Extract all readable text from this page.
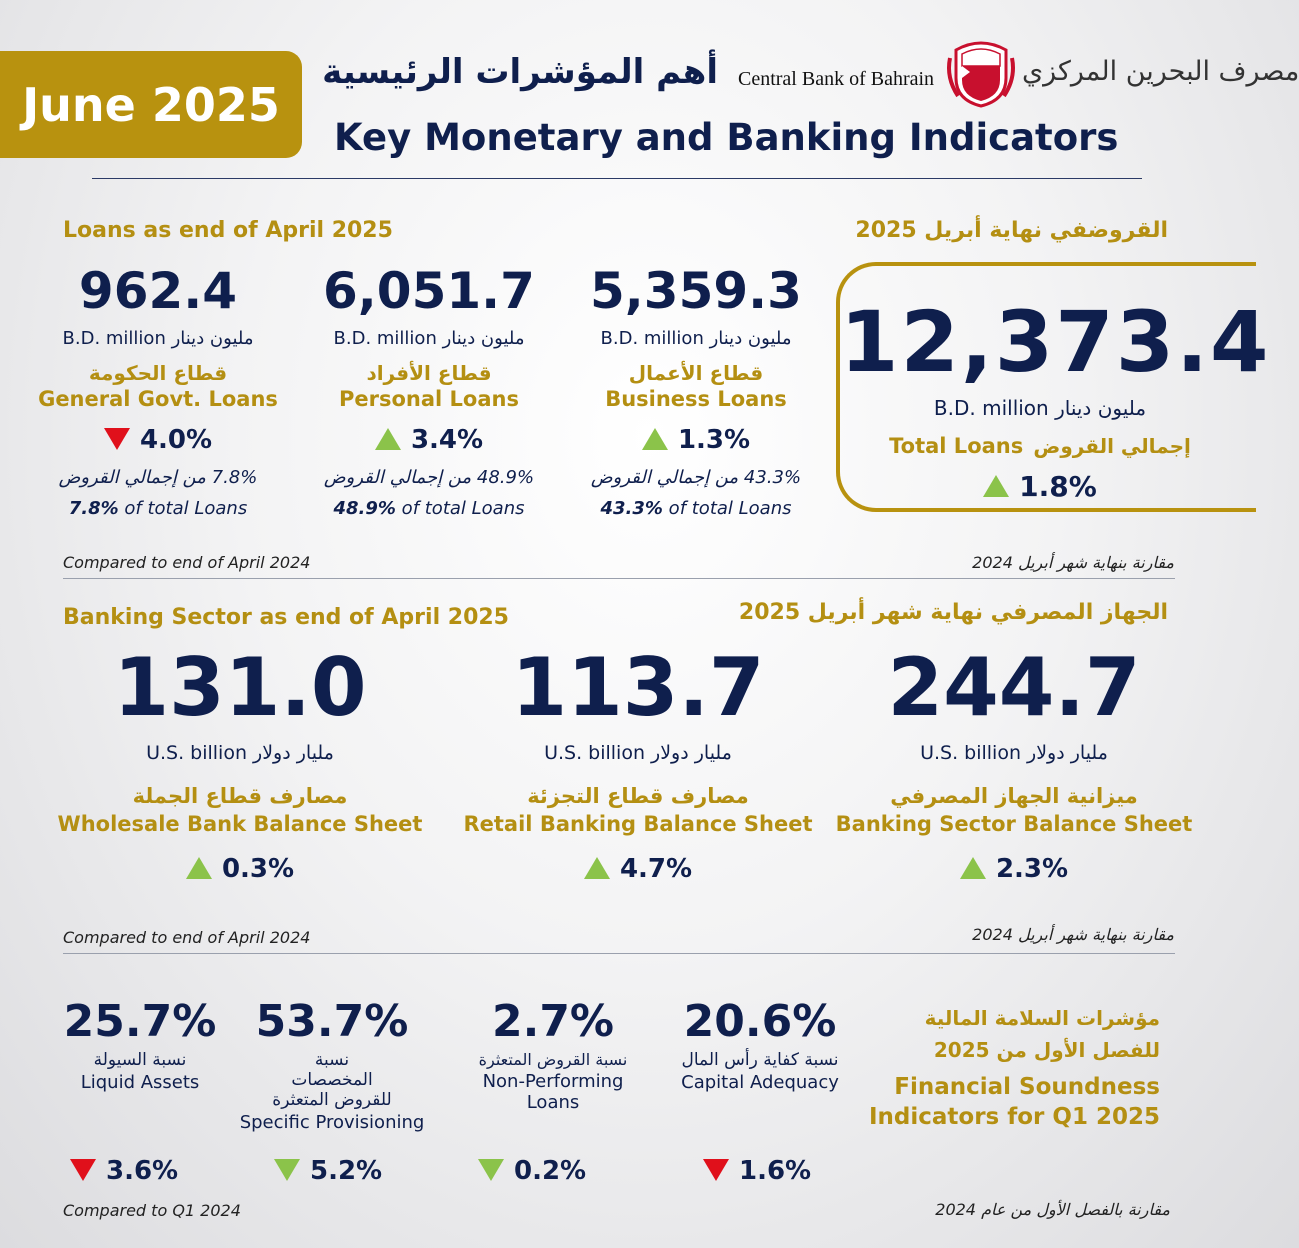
June 2025
أهم المؤشرات الرئيسية
Key Monetary and Banking Indicators
Central Bank of Bahrain	مصرف البحرين المركزي
Loans as end of April 2025	القروضفي نهاية أبريل 2025
962.4
B.D. million مليون دينار
قطاع الحكومة
General Govt. Loans
4.0%
7.8% من إجمالي القروض
7.8% of total Loans
6,051.7
B.D. million مليون دينار
قطاع الأفراد
Personal Loans
3.4%
48.9% من إجمالي القروض
48.9% of total Loans
5,359.3
B.D. million مليون دينار
قطاع الأعمال
Business Loans
1.3%
43.3% من إجمالي القروض
43.3% of total Loans
12,373.4
B.D. million مليون دينار
Total Loans إجمالي القروض
1.8%
Compared to end of April 2024	مقارنة بنهاية شهر أبريل 2024
Banking Sector as end of April 2025	الجهاز المصرفي نهاية شهر أبريل 2025
131.0
U.S. billion مليار دولار
مصارف قطاع الجملة
Wholesale Bank Balance Sheet
0.3%
113.7
U.S. billion مليار دولار
مصارف قطاع التجزئة
Retail Banking Balance Sheet
4.7%
244.7
U.S. billion مليار دولار
ميزانية الجهاز المصرفي
Banking Sector Balance Sheet
2.3%
Compared to end of April 2024	مقارنة بنهاية شهر أبريل 2024
25.7%
نسبة السيولة
Liquid Assets
3.6%
53.7%
نسبة المخصصات للقروض المتعثرة
Specific Provisioning
5.2%
2.7%
نسبة القروض المتعثرة
Non-Performing Loans
0.2%
20.6%
نسبة كفاية رأس المال
Capital Adequacy
1.6%
مؤشرات السلامة المالية
للفصل الأول من 2025
Financial Soundness
Indicators for Q1 2025
Compared to Q1 2024	مقارنة بالفصل الأول من عام 2024
